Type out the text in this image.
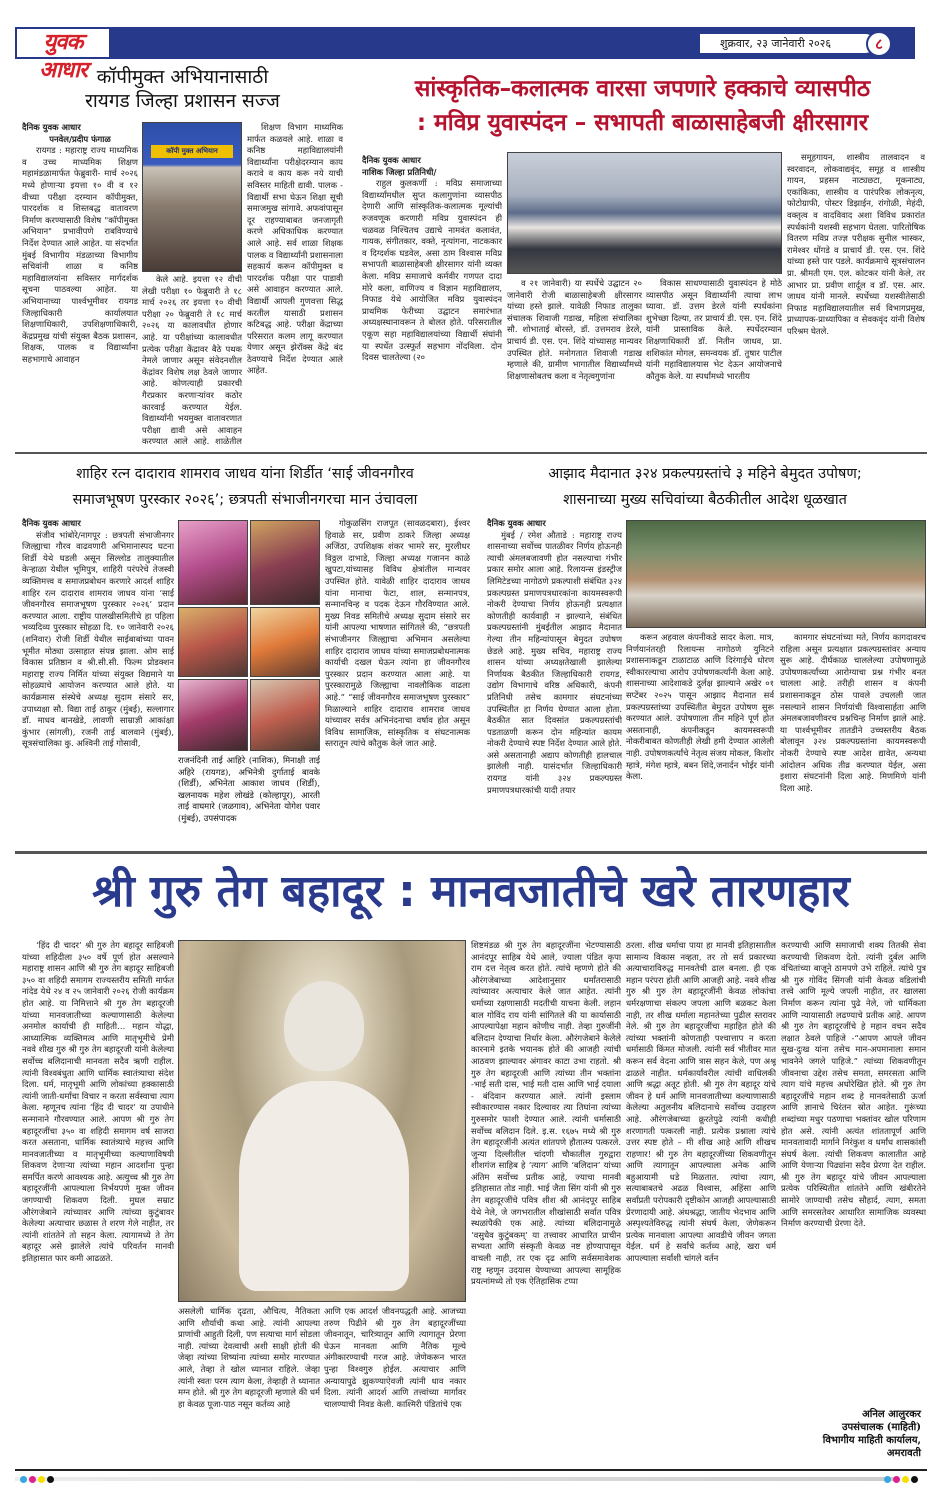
युवक आधार
शुक्रवार, २३ जानेवारी २०२६	८
कॉपीमुक्त अभियानासाठी
रायगड जिल्हा प्रशासन सज्ज
दैनिक युवक आधार
पनवेल/प्रदीप फंगाळ

रायगड : महाराष्ट्र राज्य माध्यमिक व उच्च माध्यमिक शिक्षण महामंडळामार्फत फेब्रुवारी- मार्च २०२६ मध्ये होणाऱ्या इयत्ता १० वी व १२ वीच्या परीक्षा दरम्यान कॉपीमुक्त, पारदर्शक व शिस्तबद्ध वातावरण निर्माण करण्यासाठी विशेष "कॉपीमुक्त अभियान" प्रभावीपणे राबविण्याचे निर्देश देण्यात आले आहेत. या संदर्भात मुंबई विभागीय मंडळाच्या विभागीय सचिवांनी शाळा व कनिष्ठ महाविद्यालयांना सविस्तर मार्गदर्शक सूचना पाठवल्या आहेत. या अभियानाच्या पार्श्वभूमीवर रायगड जिल्हाधिकारी कार्यालयात शिक्षणाधिकारी, उपशिक्षणाधिकारी, केंद्रप्रमुख यांची संयुक्त बैठक प्रशासन, शिक्षक, पालक व विद्यार्थ्यांना सहभागाचे आवाहन

कॉपी मुक्त अभियान

केले आहे. इयत्ता १२ वीची लेखी परीक्षा १० फेब्रुवारी ते १८ मार्च २०२६ तर इयत्ता १० वीची परीक्षा २० फेब्रुवारी ते १८ मार्च २०२६ या कालावधीत होणार आहे. या परीक्षांच्या कालावधीत प्रत्येक परीक्षा केंद्रावर बैठे पथक नेमले जाणार असून संवेदनशील केंद्रांवर विशेष लक्ष ठेवले जाणार आहे. कोणत्याही प्रकारची गैरप्रकार करणाऱ्यांवर कठोर कारवाई करण्यात येईल. विद्यार्थ्यांनी भयमुक्त वातावरणात परीक्षा द्यावी असे आवाहन करण्यात आले आहे. शाळेतील

शिक्षण विभाग माध्यमिक मार्फत कळवले आहे. शाळा व कनिष्ठ महाविद्यालयांनी विद्यार्थ्यांना परीक्षेदरम्यान काय करावे व काय करू नये याची सविस्तर माहिती द्यावी. पालक - विद्यार्थी सभा घेऊन शिक्षा सूची समाजमुख सांगावे. अफवांपासून दूर राहण्याबाबत जनजागृती करणे अधिकाधिक करण्यात आले आहे. सर्व शाळा शिक्षक पालक व विद्यार्थ्यांनी प्रशासनाला सहकार्य करून कॉपीमुक्त व पारदर्शक परीक्षा पार पाडावी असे आवाहन करण्यात आले. विद्यार्थी आपली गुणवत्ता सिद्ध करतील यासाठी प्रशासन कटिबद्ध आहे. परीक्षा केंद्राच्या परिसरात कलम लागू करण्यात येणार असून झेरॉक्स केंद्रे बंद ठेवण्याचे निर्देश देण्यात आले आहेत.

सांस्कृतिक–कलात्मक वारसा जपणारे हक्काचे व्यासपीठ
: मविप्र युवास्पंदन – सभापती बाळासाहेबजी क्षीरसागर
दैनिक युवक आधार
नाशिक जिल्हा प्रतिनिधी/

राहुल कुलकर्णी : मविप्र समाजाच्या विद्यार्थ्यांमधील सुप्त कलागुणांना व्यासपीठ देणारी आणि सांस्कृतिक-कलात्मक मूल्यांची रुजवणूक करणारी मविप्र युवास्पंदन ही चळवळ निश्चितच उद्याचे नामवंत कलावंत, गायक, संगीतकार, वक्ते, नृत्यांगना, नाटककार व दिग्दर्शक घडवेल, असा ठाम विश्वास मविप्र सभापती बाळासाहेबजी क्षीरसागर यांनी व्यक्त केला. मविप्र समाजाचे कर्मवीर गणपत दादा मोरे कला, वाणिज्य व विज्ञान महाविद्यालय, निफाड येथे आयोजित मविप्र युवास्पंदन प्राथमिक फेरीच्या उद्घाटन समारंभात अध्यक्षस्थानावरून ते बोलत होते. परिसरातील एकूण सहा महाविद्यालयांच्या विद्यार्थी संघांनी या स्पर्धेत उत्स्फूर्त सहभाग नोंदविला. दोन दिवस चालतेल्या (२०

व २१ जानेवारी) या स्पर्धेचे उद्घाटन २० जानेवारी रोजी बाळासाहेबजी क्षीरसागर यांच्या हस्ते झाले. यावेळी निफाड तालुका संचालक शिवाजी गडाख, महिला संचालिका सौ. शोभाताई बोरस्ते, डॉ. उत्तमराव डेरले, प्राचार्य डी. एस. एन. शिंदे यांच्यासह मान्यवर उपस्थित होते. मनोगतात शिवाजी गडाख म्हणाले की, ग्रामीण भागातील विद्यार्थ्यांमध्ये शिक्षणासोबतच कला व नेतृत्वगुणांना

विकास साधण्यासाठी युवास्पंदन हे मोठे व्यासपीठ असून विद्यार्थ्यांनी त्याचा लाभ घ्यावा. डॉ. उत्तम डेरले यांनी स्पर्धकांना शुभेच्छा दिल्या, तर प्राचार्य डी. एस. एन. शिंदे यांनी प्रास्ताविक केले. स्पर्धेदरम्यान शिक्षणाधिकारी डॉ. नितीन जाधव, प्रा. शशिकांत मोगल, समन्वयक डॉ. तुषार पाटील यांनी महाविद्यालयास भेट देऊन आयोजनाचे कौतुक केले. या स्पर्धांमध्ये भारतीय

समूहगायन, शास्त्रीय तालवादन व स्वरवादन, लोकवाद्यवृंद, समूह व शास्त्रीय गायन, प्रहसन नाट्यछटा, मूकनाट्य, एकांकिका, शास्त्रीय व पारंपरिक लोकनृत्य, फोटोग्राफी, पोस्टर डिझाईन, रांगोळी, मेहंदी, वक्तृत्व व वादविवाद अशा विविध प्रकारांत स्पर्धकांनी यशस्वी सहभाग घेतला. पारितोषिक वितरण मविप्र तज्ज्ञ परीक्षक सुनील भास्कर, रामेश्वर धोंगडे व प्राचार्य डी. एस. एन. शिंदे यांच्या हस्ते पार पडले. कार्यक्रमाचे सूत्रसंचालन प्रा. श्रीमती एम. एल. कोटकर यांनी केले, तर आभार प्रा. प्रवीण शार्दूल व डॉ. एस. आर. जाधव यांनी मानले. स्पर्धेच्या यशस्वीतेसाठी निफाड महाविद्यालयातील सर्व विभागप्रमुख, प्राध्यापक-प्राध्यापिका व सेवकवृंद यांनी विशेष परिश्रम घेतले.

शाहिर रत्न दादाराव शामराव जाधव यांना शिर्डीत ‘साई जीवनगौरव
समाजभूषण पुरस्कार २०२६’; छत्रपती संभाजीनगरचा मान उंचावला
दैनिक युवक आधार

संजीव भांबोरे/नागपूर : छत्रपती संभाजीनगर जिल्ह्याचा गौरव वाढवणारी अभिमानास्पद घटना शिर्डी येथे घडली असून सिल्लोड तालुक्यातील केऱ्हाळा येथील भूमिपुत्र, शाहिरी परंपरेचे तेजस्वी व्यक्तिमत्त्व व समाजप्रबोधन करणारे आदर्श शाहिर शाहिर रत्न दादाराव शामराव जाधव यांना ‘साई जीवनगौरव समाजभूषण पुरस्कार २०२६’ प्रदान करण्यात आला. राष्ट्रीय पालखीसमितीचे हा पहिला भव्यदिव्य पुरस्कार सोहळा दि. १० जानेवारी २०२६ (शनिवार) रोजी शिर्डी येथील साईबाबांच्या पावन भूमीत मोठ्या उत्साहात संपन्न झाला. ओम साई विकास प्रतिष्ठान व श्री.सी.सी. फिल्म प्रोडक्शन महाराष्ट्र राज्य निर्मित यांच्या संयुक्त विद्यमाने या सोहळ्याचे आयोजन करण्यात आले होते. या कार्यक्रमास संस्थेचे अध्यक्ष सुदाम संसारे सर, उपाध्यक्षा सौ. विद्या ताई ठाकूर (मुंबई), सल्लागार डॉ. माधव बानखेडे, लावणी साम्राज्ञी आकांक्षा कुंभार (सांगली), रजनी ताई बालवाने (मुंबई), सूत्रसंचालिका कु. अश्विनी ताई गोसावी,

राजनंदिनी ताई आहिरे (नाशिक), मिनाक्षी ताई अहिरे (रायगड), अभिनेत्री दुर्गाताई बावके (शिर्डी), अभिनेता आकाश जाधव (शिर्डी), खलनायक महेश लोखंडे (कोल्हापूर), आरती ताई वाघमारे (जळगाव), अभिनेता योगेश पवार (मुंबई), उपसंपादक

गोकुळसिंग राजपूत (सावळदबारा), ईश्वर हिवाळे सर, प्रवीण ठाकरे जिल्हा अध्यक्ष अजिंठा, उपशिक्षक शंकर भामरे सर, मुरलीधर विठ्ठल दाभाडे, जिल्हा अध्यक्ष गजानन काळे खुपटा,यांच्यासह विविध क्षेत्रांतील मान्यवर उपस्थित होते. यावेळी शाहिर दादाराव जाधव यांना मानाचा फेटा, शाल, सन्मानपत्र, सन्मानचिन्ह व पदक देऊन गौरविण्यात आले. मुख्य निवड समितीचे अध्यक्ष सुदाम संसारे सर यांनी आपल्या भाषणात सांगितले की, “छत्रपती संभाजीनगर जिल्ह्याचा अभिमान असलेल्या शाहिर दादाराव जाधव यांच्या समाजप्रबोधनात्मक कार्याची दखल घेऊन त्यांना हा जीवनगौरव पुरस्कार प्रदान करण्यात आला आहे. या पुरस्कारामुळे जिल्ह्याचा नावलौकिक वाढला आहे.” “साई जीवनगौरव समाजभूषण पुरस्कार” मिळाल्याने शाहिर दादाराव शामराव जाधव यांच्यावर सर्वत्र अभिनंदनाचा वर्षाव होत असून विविध सामाजिक, सांस्कृतिक व संघटनात्मक स्तरातून त्यांचे कौतुक केले जात आहे.

आझाद मैदानात ३२४ प्रकल्पग्रस्तांचे ३ महिने बेमुदत उपोषण;
शासनाच्या मुख्य सचिवांच्या बैठकीतील आदेश धूळखात
दैनिक युवक आधार

मुंबई / रमेश औताडे : महाराष्ट्र राज्य शासनाच्या सर्वोच्च पातळीवर निर्णय होऊनही त्याची अंमलबजावणी होत नसल्याचा गंभीर प्रकार समोर आला आहे. रिलायन्स इंडस्ट्रीज लिमिटेडच्या नागोठणे प्रकल्पाशी संबंधित ३२४ प्रकल्पग्रस्त प्रमाणपत्रधारकांना कायमस्वरूपी नोकरी देण्याचा निर्णय होऊनही प्रत्यक्षात कोणतीही कार्यवाही न झाल्याने, संबंधित प्रकल्पग्रस्तांनी मुंबईतील आझाद मैदानात गेल्या तीन महिन्यांपासून बेमुदत उपोषण छेडले आहे. मुख्य सचिव, महाराष्ट्र राज्य शासन यांच्या अध्यक्षतेखाली झालेल्या निर्णायक बैठकीत जिल्हाधिकारी रायगड, उद्योग विभागाचे वरिष्ठ अधिकारी, कंपनी प्रतिनिधी तसेच कामगार संघटनांच्या उपस्थितीत हा निर्णय घेण्यात आला होता. बैठकीत सात दिवसांत प्रकल्पग्रस्तांची पडताळणी करून दोन महिन्यांत कायम नोकरी देण्याचे स्पष्ट निर्देश देण्यात आले होते. असे असतानाही अद्याप कोणतीही हालचाल झालेली नाही. यासंदर्भात जिल्हाधिकारी रायगड यांनी ३२४ प्रकल्पग्रस्त प्रमाणपत्रधारकांची यादी तयार

करून अहवाल कंपनीकडे सादर केला. मात्र, निर्णयानंतरही रिलायन्स नागोठणे युनिटने प्रशासनाकडून टाळाटाळ आणि दिरंगाईचे धोरण स्वीकारल्याचा आरोप उपोषणकर्त्यांनी केला आहे. शासनाच्या आदेशाकडे दुर्लक्ष झाल्याने अखेर ०१ सप्टेंबर २०२५ पासून आझाद मैदानात सर्व प्रकल्पग्रस्तांच्या उपस्थितीत बेमुदत उपोषण सुरू करण्यात आले. उपोषणाला तीन महिने पूर्ण होत असतानाही, कंपनीकडून कायमस्वरूपी नोकरीबाबत कोणतीही लेखी हमी देण्यात आलेली नाही. उपोषणकर्त्यांचे नेतृत्व संजय मोकल, किशोर म्हात्रे, मंगेश म्हात्रे, बबन शिंदे,जनार्दन भोईर यांनी केला.

कामगार संघटनांच्या मते, निर्णय कागदावरच राहिला असून प्रत्यक्षात प्रकल्पग्रस्तांवर अन्याय सुरू आहे. दीर्घकाळ चाललेल्या उपोषणामुळे उपोषणकर्त्यांच्या आरोग्याचा प्रश्न गंभीर बनत चालला आहे. तरीही शासन व कंपनी प्रशासनाकडून ठोस पावले उचलली जात नसल्याने शासन निर्णयांची विश्वासार्हता आणि अंमलबजावणीवरच प्रश्नचिन्ह निर्माण झाले आहे. या पार्श्वभूमीवर तातडीने उच्चस्तरीय बैठक बोलावून ३२४ प्रकल्पग्रस्तांना कायमस्वरूपी नोकरी देण्याचे स्पष्ट आदेश द्यावेत, अन्यथा आंदोलन अधिक तीव्र करण्यात येईल, असा इशारा संघटनांनी दिला आहे. मिणमिणे यांनी दिला आहे.

श्री गुरु तेग बहादूर : मानवजातीचे खरे तारणहार

‘हिंद दी चादर’ श्री गुरु तेग बहादूर साहिबजी यांच्या शहिदीला ३५० वर्षे पूर्ण होत असल्याने महाराष्ट्र शासन आणि श्री गुरु तेग बहादूर साहिबजी ३५० वा शहिदी समागम राज्यस्तरीय समिती मार्फत नांदेड येथे २४ व २५ जानेवारी २०२६ रोजी कार्यक्रम होत आहे. या निमित्ताने श्री गुरु तेग बहादूरजी यांच्या मानवजातीच्या कल्याणासाठी केलेल्या अनमोल कार्याची ही माहिती… महान योद्धा, आध्यात्मिक व्यक्तिमत्व आणि मातृभूमीचे प्रेमी नववे शीख गुरु श्री गुरु तेग बहादूरजी यांनी केलेल्या सर्वोच्च बलिदानाची मानवता सदैव ऋणी राहील. त्यांनी विश्वबंधुता आणि धार्मिक स्वातंत्र्याचा संदेश दिला. धर्म, मातृभूमी आणि लोकांच्या हक्कासाठी त्यांनी जाती-धर्मांचा विचार न करता सर्वस्वाचा त्याग केला. म्हणूनच त्यांना ‘हिंद दी चादर’ या उपाधीने सन्मानाने गौरवण्यात आले. आपण श्री गुरु तेग बहादूरजींचा ३५० वा शहिदी समागम वर्ष साजरा करत असताना, धार्मिक स्वातंत्र्याचे महत्त्व आणि मानवजातीच्या व मातृभूमीच्या कल्याणाविषयी शिकवण देणाऱ्या त्यांच्या महान आदर्शांना पुन्हा समर्पित करणे आवश्यक आहे. अत्युच्च श्री गुरु तेग बहादूरजींनी आपल्याला निर्भयपणे मुक्त जीवन जगण्याची शिकवण दिली. मुघल सम्राट औरंगजेबाने त्यांच्यावर आणि त्यांच्या कुटुंबावर केलेल्या अत्याचार छळास ते शरण गेले नाहीत, तर त्यांनी शांततेने तो सहन केला. त्यागामध्ये ते तेग बहादूर असे झालेले त्यांचे परिवर्तन मानवी इतिहासात फार कमी आढळते.

असलेली धार्मिक दृढता, औचित्य, नैतिकता आणि शौर्याची कथा आहे. त्यांनी आपल्या प्राणांची आहुती दिली, पण सत्याचा मार्ग सोडला नाही. त्यांच्या देवत्वाची अशी साक्षी होती की जेव्हा त्यांच्या शिष्यांना त्यांच्या समोर मारण्यात आले, तेव्हा ते खोल ध्यानात राहिले. जेव्हा त्यांनी स्वतः परम त्याग केला, तेव्हाही ते ध्यानात मग्न होते. श्री गुरु तेग बहादूरजी म्हणाले की धर्म हा केवळ पूजा-पाठ नसून कर्तव्य आहे

आणि एक आदर्श जीवनपद्धती आहे. आजच्या तरुण पिढीने श्री गुरु तेग बहादूरजींच्या जीवनातून, चारित्र्यातून आणि त्यागातून प्रेरणा घेऊन मानवता आणि नैतिक मूल्ये अंगीकारण्याची गरज आहे. जेणेकरून भारत पुन्हा विश्वगुरु होईल. अत्याचार आणि अन्यायापुढे झुकण्याऐवजी त्यांनी धाव नकार दिला. त्यांनी आदर्श आणि तत्त्वांच्या मार्गावर चालण्याची निवड केली. काश्मिरी पंडितांचे एक

शिष्टमंडळ श्री गुरु तेग बहादूरजींना भेटण्यासाठी आनंदपूर साहिब येथे आले, ज्याला पंडित कृपा राम दत्त नेतृत्व करत होते. त्यांचे म्हणणे होते की औरंगजेबाच्या आदेशानुसार धर्मांतरासाठी त्यांच्यावर अत्याचार केले जात आहेत. त्यांनी धर्माच्या रक्षणासाठी मदतीची याचना केली. लहान बाल गोविंद राय यांनी सांगितले की या कार्यासाठी आपल्यापेक्षा महान कोणीच नाही. तेव्हा गुरुजींनी बलिदान देण्याचा निर्धार केला. औरंगजेबाने केलेले कारनामे इतके भयानक होते की आजही त्यांची आठवण झाल्यावर अंगावर काटा उभा राहतो. श्री गुरु तेग बहादूरजी आणि त्यांच्या तीन भक्तांना -भाई सती दास, भाई मती दास आणि भाई दयाला - बंदिवान करण्यात आले. त्यांनी इस्लाम स्वीकारण्यास नकार दिल्यावर त्या तिघांना त्यांच्या गुरुसमोर फाशी देण्यात आले. त्यांनी धर्मासाठी सर्वोच्च बलिदान दिले. इ.स. १६७५ मध्ये श्री गुरु तेग बहादूरजींनी अत्यंत शांतपणे हौतात्म्य पत्करले. जुन्या दिल्लीतील चांदणी चौकातील गुरुद्वारा शीशगंज साहिब हे ‘त्याग’ आणि ‘बलिदान’ यांच्या अंतिम सर्वोच्च प्रतीक आहे, ज्याचा मानवी इतिहासात तोड नाही. भाई जैता सिंग यांनी श्री गुरु तेग बहादूरजींचे पवित्र शीश श्री आनंदपूर साहिब येथे नेले, जे जगभरातील शीखांसाठी सर्वात पवित्र स्थळांपैकी एक आहे. त्यांच्या बलिदानामुळे ‘वसुधैव कुटुंबकम्’ या तत्त्वावर आधारित प्राचीन सभ्यता आणि संस्कृती केवळ नष्ट होण्यापासून वाचली नाही, तर एक दृढ आणि सर्वसमावेशक राष्ट्र म्हणून उदयास येण्याच्या आपल्या सामूहिक प्रयत्नांमध्ये तो एक ऐतिहासिक टप्पा

ठरला. शीख धर्माचा पाया हा मानवी इतिहासातील सामान्य विकास नव्हता, तर तो सर्व प्रकारच्या अत्याचाराविरुद्ध मानवतेची ढाल बनला. ही एक महान परंपरा होती आणि आजही आहे. नववे शीख गुरु श्री गुरु तेग बहादूरजींनी केवळ लोकांचा धर्मरक्षणाचा संकल्प जपला आणि बळकट केला नाही, तर शीख धर्माला महानतेच्या पुढील स्तरावर नेले. श्री गुरु तेग बहादूरजींचा महाहित होते की त्यांच्या भक्तांनी कोणताही पश्चात्ताप न करता धर्मासाठी किंमत मोजली. त्यांनी सर्व भीतीवर मात करून सर्व वेदना आणि त्रास सहन केले, पण अश्रू ढाळले नाहीत. धर्मकार्यांवरील त्यांची वाधिलकी आणि श्रद्धा अतूट होती. श्री गुरु तेग बहादूर यांचे जीवन हे धर्म आणि मानवजातीच्या कल्याणासाठी केलेल्या अतुलनीय बलिदानाचे सर्वोच्च उदाहरण आहे. औरंगजेबाच्या क्रूरतेपुढे त्यांनी कधीही शरणागती पत्करली नाही. प्रत्येक प्रश्नाला त्यांचे उत्तर स्पष्ट होते – मी शीख आहे आणि शीखच राहणार! श्री गुरु तेग बहादूरजींच्या शिकवणीतून आणि त्यागातून आपल्याला अनेक आणि बहुआयामी धडे मिळतात. त्यांचा त्याग, सत्याबाबतचे अढळ विश्वास, अहिंसा आणि सर्वांप्रती परोपकारी दृष्टीकोन आजही आपल्यासाठी प्रेरणादायी आहे. अंधश्रद्धा, जातीय भेदभाव आणि अस्पृश्यतेविरुद्ध त्यांनी संघर्ष केला, जेणेकरून प्रत्येक मानवाला आपल्या आवडीचे जीवन जगता येईल. धर्म हे सर्वांचे कर्तव्य आहे, खरा धर्म आपल्याला सर्वांशी चांगले वर्तन

करण्याची आणि समाजाची शक्य तितकी सेवा करण्याची शिकवण देतो. त्यांनी दुर्बल आणि वंचितांच्या बाजूने ठामपणे उभे राहिले. त्यांचे पुत्र श्री गुरु गोविंद सिंगजी यांनी केवळ वडिलांची तत्त्वे आणि मूल्ये जपली नाहीत, तर खालसा निर्माण करून त्यांना पुढे नेले, जो धार्मिकता आणि न्यायासाठी लढण्याचे प्रतीक आहे. आपण श्री गुरु तेग बहादूरजींचे हे महान वचन सदैव लक्षात ठेवले पाहिजे -“आपण आपले जीवन सुख-दुःख यांना तसेच मान-अपमानाला समान भावनेने जगले पाहिजे.” त्यांच्या शिकवणीतून जीवनाचा उद्देश तसेच समता, समरसता आणि त्याग यांचे महत्त्व अधोरेखित होते. श्री गुरु तेग बहादूरजींचे महान शब्द हे मानवतेसाठी ऊर्जा आणि ज्ञानाचे चिरंतन स्रोत आहेत. गुरूंच्या शब्दांच्या मधुर पठणाचा भक्तांवर खोल परिणाम होत असे. त्यांनी अत्यंत शांततापूर्ण आणि मानवतावादी मार्गाने निरंकुश व धर्मांध शासकांशी संघर्ष केला. त्यांची शिकवण कालातीत आहे आणि येणाऱ्या पिढ्यांना सदैव प्रेरणा देत राहील. श्री गुरु तेग बहादूर यांचे जीवन आपल्याला प्रत्येक परिस्थितीत शांततेने आणि खंबीरतेने सामोरे जाण्याची तसेच सौहार्द, त्याग, समता आणि समरसतेवर आधारित सामाजिक व्यवस्था निर्माण करण्याची प्रेरणा देते.

अनिल आलुरकर
उपसंचालक (माहिती)
विभागीय माहिती कार्यालय,
अमरावती
